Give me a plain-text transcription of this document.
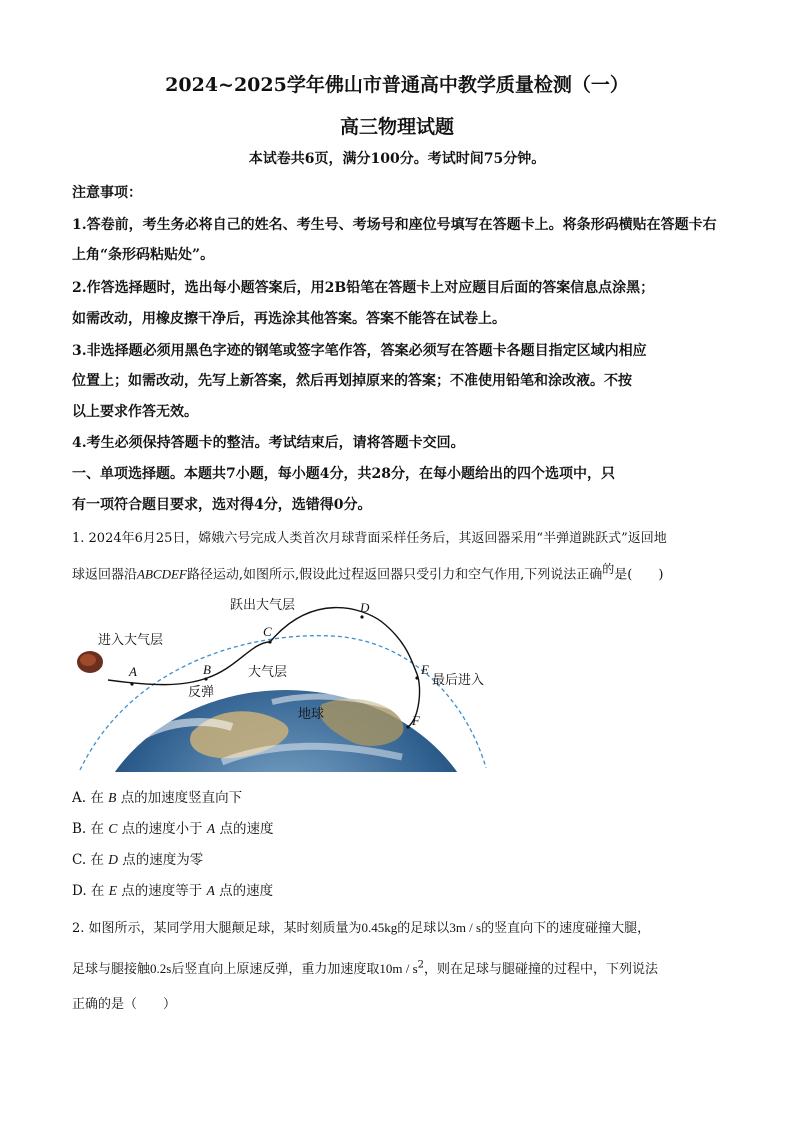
2024~2025学年佛山市普通高中教学质量检测（一）
高三物理试题
本试卷共6页，满分100分。考试时间75分钟。
注意事项：
1.答卷前，考生务必将自己的姓名、考生号、考场号和座位号填写在答题卡上。将条形码横贴在答题卡右
上角“条形码粘贴处”。
2.作答选择题时，选出每小题答案后，用2B铅笔在答题卡上对应题目后面的答案信息点涂黑；
如需改动，用橡皮擦干净后，再选涂其他答案。答案不能答在试卷上。
3.非选择题必须用黑色字迹的钢笔或签字笔作答，答案必须写在答题卡各题目指定区域内相应
位置上；如需改动，先写上新答案，然后再划掉原来的答案；不准使用铅笔和涂改液。不按
以上要求作答无效。
4.考生必须保持答题卡的整洁。考试结束后，请将答题卡交回。
一、单项选择题。本题共7小题，每小题4分，共28分，在每小题给出的四个选项中，只
有一项符合题目要求，选对得4分，选错得0分。
1. 2024年6月25日，嫦娥六号完成人类首次月球背面采样任务后，其返回器采用“半弹道跳跃式”返回地
球返回器沿ABCDEF路径运动,如图所示,假设此过程返回器只受引力和空气作用,下列说法正确$^的$是(　　)
进入大气层
跃出大气层
大气层
反弹
地球
最后进入
A	B
C
D
E
F
A. 在 B 点的加速度竖直向下
B. 在 C 点的速度小于 A 点的速度
C. 在 D 点的速度为零
D. 在 E 点的速度等于 A 点的速度
2. 如图所示，某同学用大腿颠足球，某时刻质量为0.45kg的足球以3m / s的竖直向下的速度碰撞大腿，
足球与腿接触0.2s后竖直向上原速反弹，重力加速度取$10m / s^2$，则在足球与腿碰撞的过程中，下列说法
正确的是（　　）
